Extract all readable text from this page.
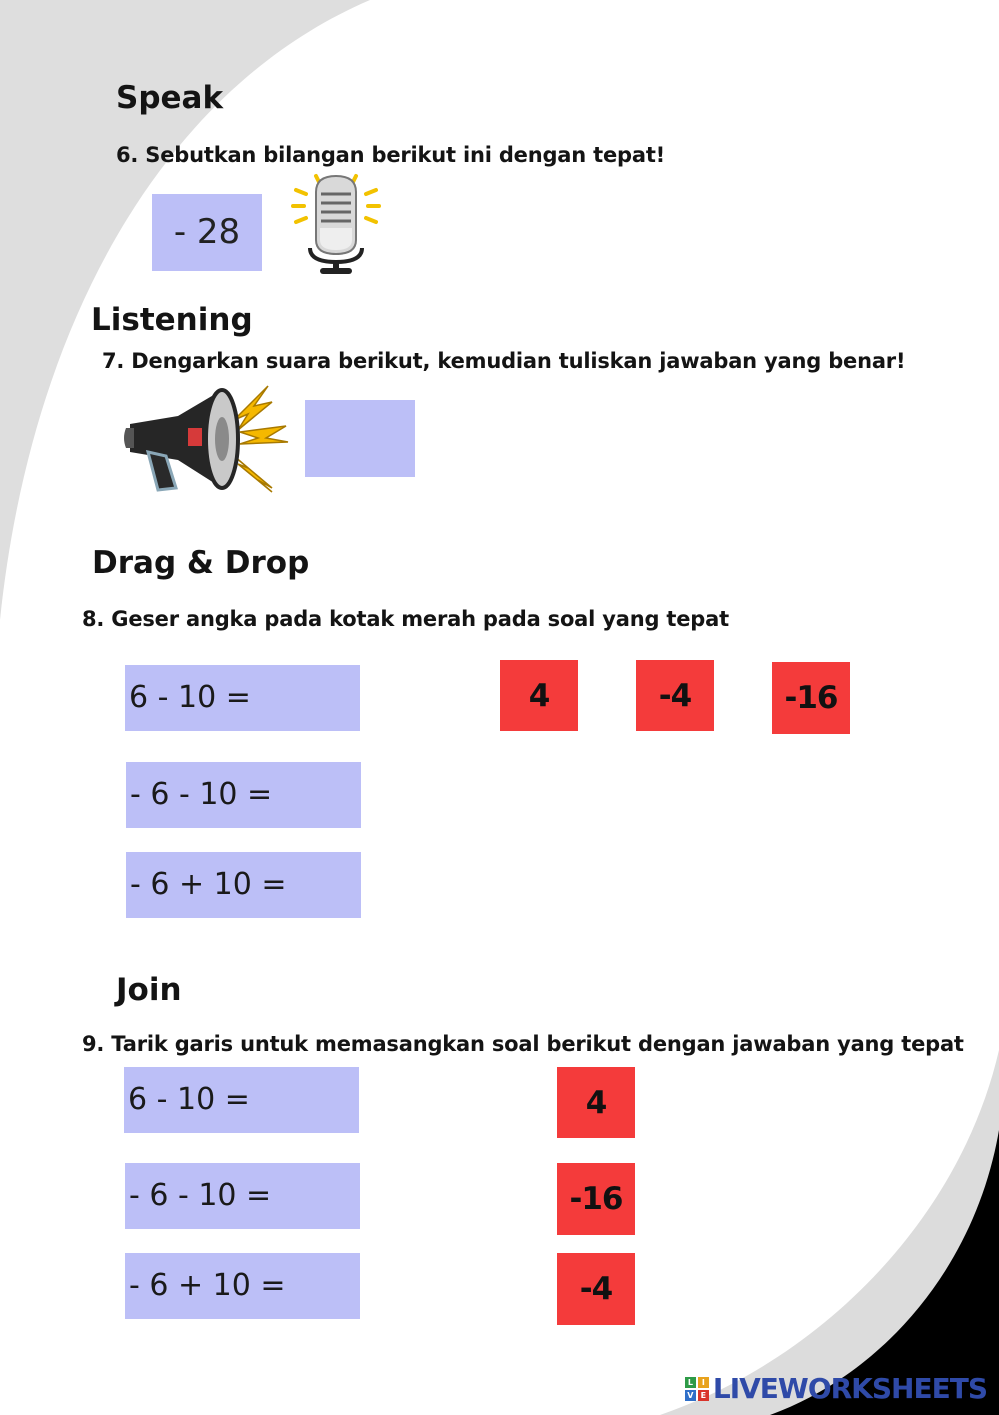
Speak
6. Sebutkan bilangan berikut ini dengan tepat!
- 28
Listening
7. Dengarkan suara berikut, kemudian tuliskan jawaban yang benar!
Drag & Drop
8. Geser angka pada kotak merah pada soal yang tepat
6 - 10 =
- 6 - 10 =
- 6 + 10 =
4	-4	-16
Join
9. Tarik garis untuk memasangkan soal berikut dengan jawaban yang tepat
6 - 10 =
- 6 - 10 =
- 6 + 10 =
4
-16
-4
L	I
V E LIVEWORKSHEETS
